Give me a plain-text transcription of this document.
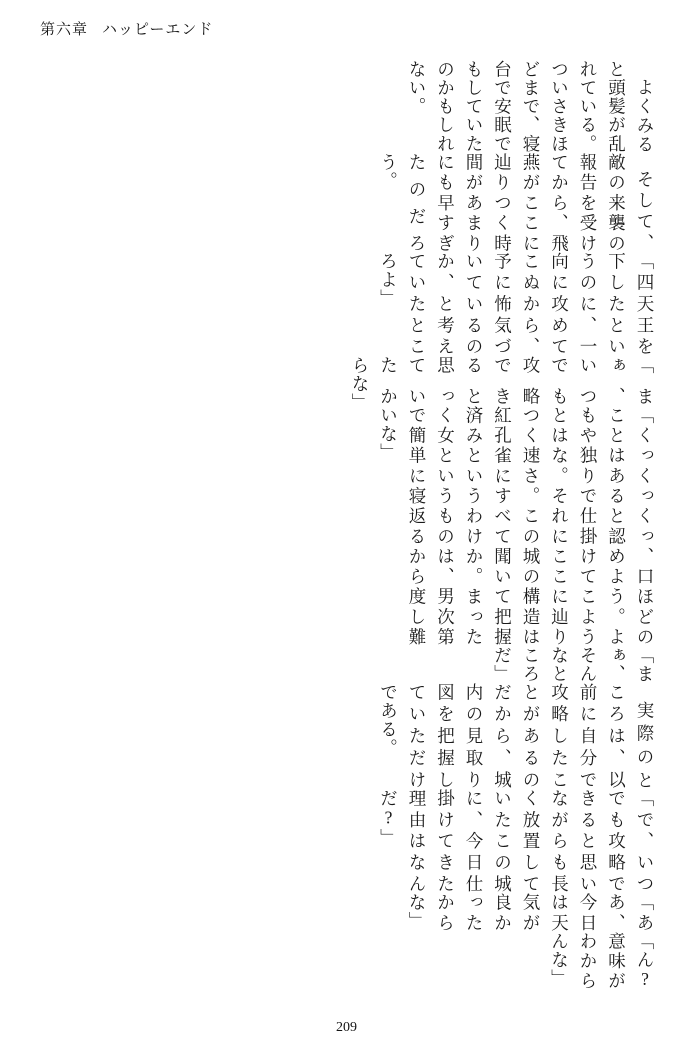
第六章 ハッピーエンド

よくみると頭髪が乱れている。ついさきほどまで、寝台で安眠でもしていたのかもしれない。

そして、敵の来襲の報告を受けてから、飛燕がここに辿りつく時間があまりにも早すぎたのだろう。

「四天王を下したというのに、一向に攻めてこぬから、予に怖気づいているのか、と考えていたところよ」

「まぁ、いつでも攻略できると思っていたからな」

「くっくっくっ、口ほどのことはあると認めよう。よもや独りで仕掛けてこようとはな。それにここに辿りつく速さ。この城の構造は紅孔雀にすべて聞いて把握済みというわけか。まったく女というものは、男次第で簡単に寝返るから度し難いな」

「まぁ、そんなところだ」

実際のところは、以前に自分で攻略したことがあるのだから、城内の見取り図を把握していただけである。

「で、いつでも攻略できると思いながらも長く放置していたこの城に、今日仕掛けてきた理由はなんだ?」

「ああ、今日は天気が良かったからな」

「ん? 意味がわからんな」

209
